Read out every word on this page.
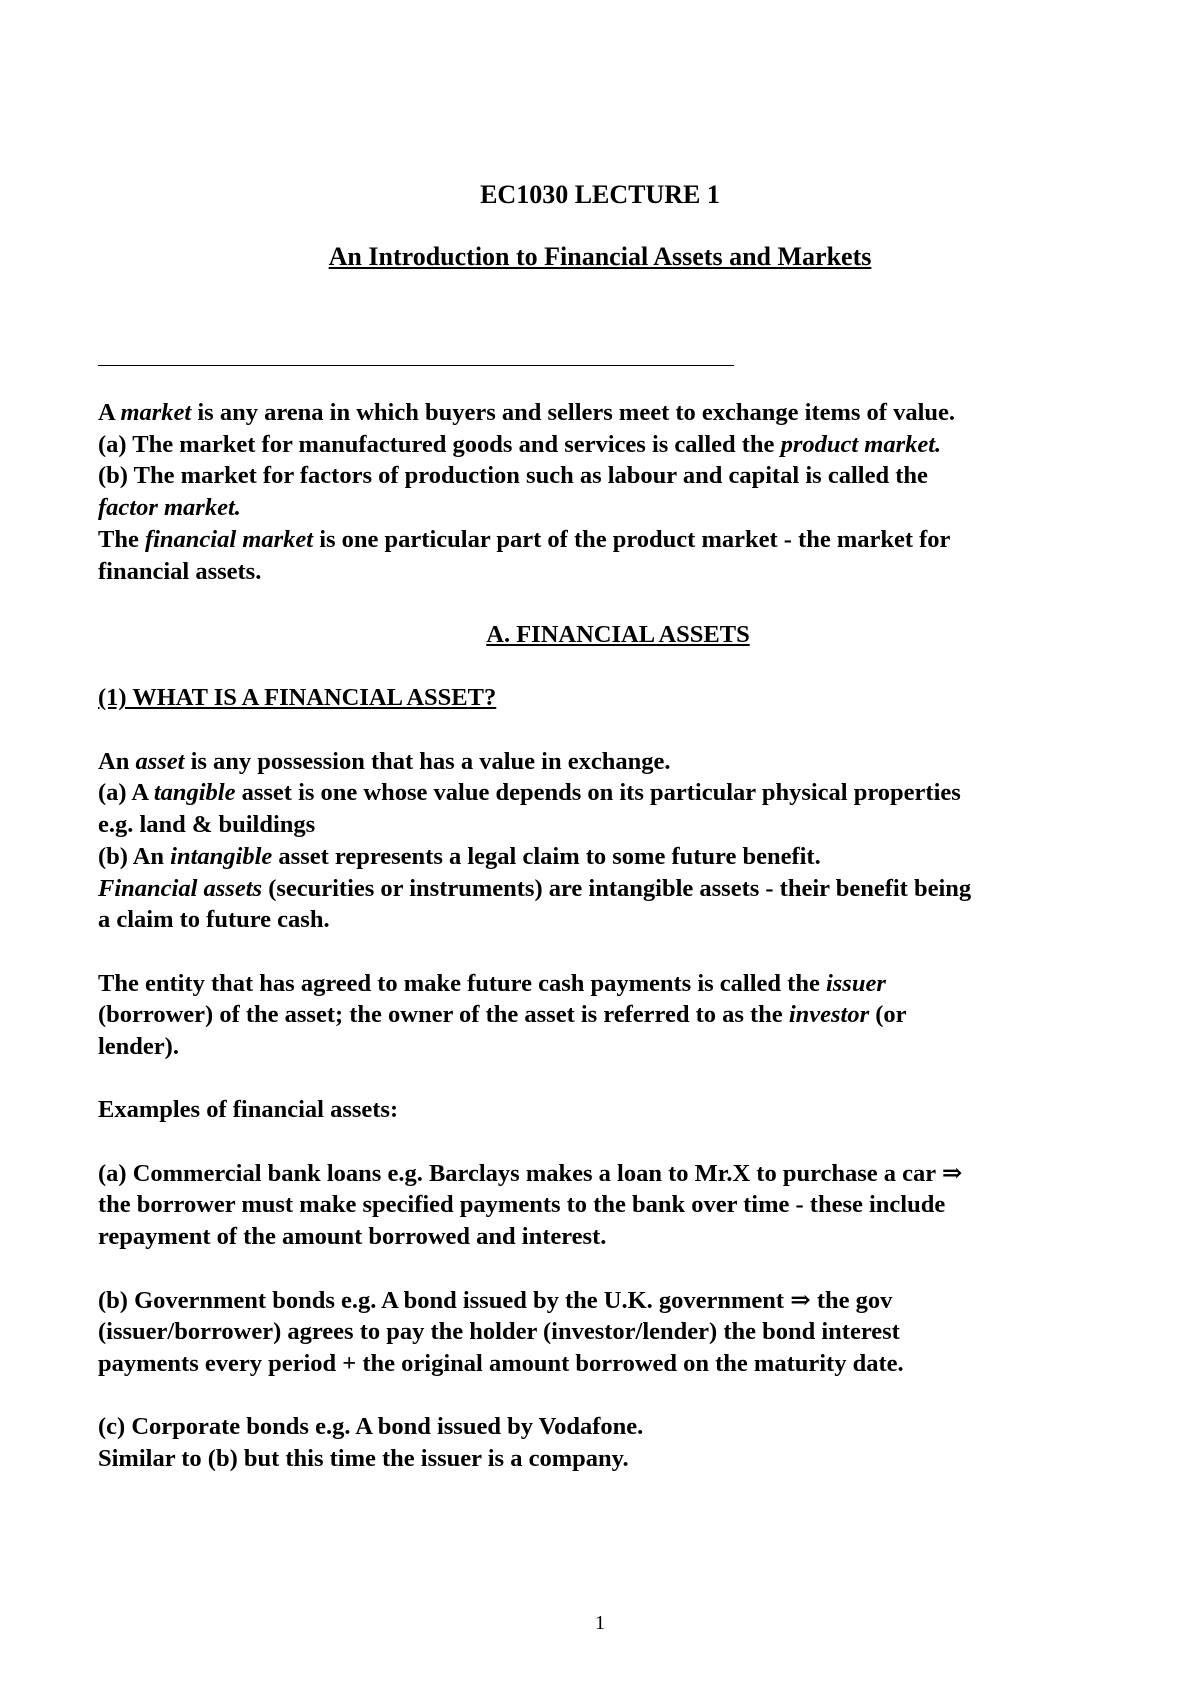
EC1030 LECTURE 1
An Introduction to Financial Assets and Markets

A market is any arena in which buyers and sellers meet to exchange items of value.

(a) The market for manufactured goods and services is called the product market.

(b) The market for factors of production such as labour and capital is called the

factor market.

The financial market is one particular part of the product market - the market for

financial assets.

A. FINANCIAL ASSETS

(1) WHAT IS A FINANCIAL ASSET?

An asset is any possession that has a value in exchange.

(a) A tangible asset is one whose value depends on its particular physical properties

e.g. land & buildings

(b) An intangible asset represents a legal claim to some future benefit.

Financial assets (securities or instruments) are intangible assets - their benefit being

a claim to future cash.

The entity that has agreed to make future cash payments is called the issuer

(borrower) of the asset; the owner of the asset is referred to as the investor (or

lender).

Examples of financial assets:

(a) Commercial bank loans e.g. Barclays makes a loan to Mr.X to purchase a car ⇒

the borrower must make specified payments to the bank over time - these include

repayment of the amount borrowed and interest.

(b) Government bonds e.g. A bond issued by the U.K. government ⇒ the gov

(issuer/borrower) agrees to pay the holder (investor/lender) the bond interest

payments every period + the original amount borrowed on the maturity date.

(c) Corporate bonds e.g. A bond issued by Vodafone.

Similar to (b) but this time the issuer is a company.

1
